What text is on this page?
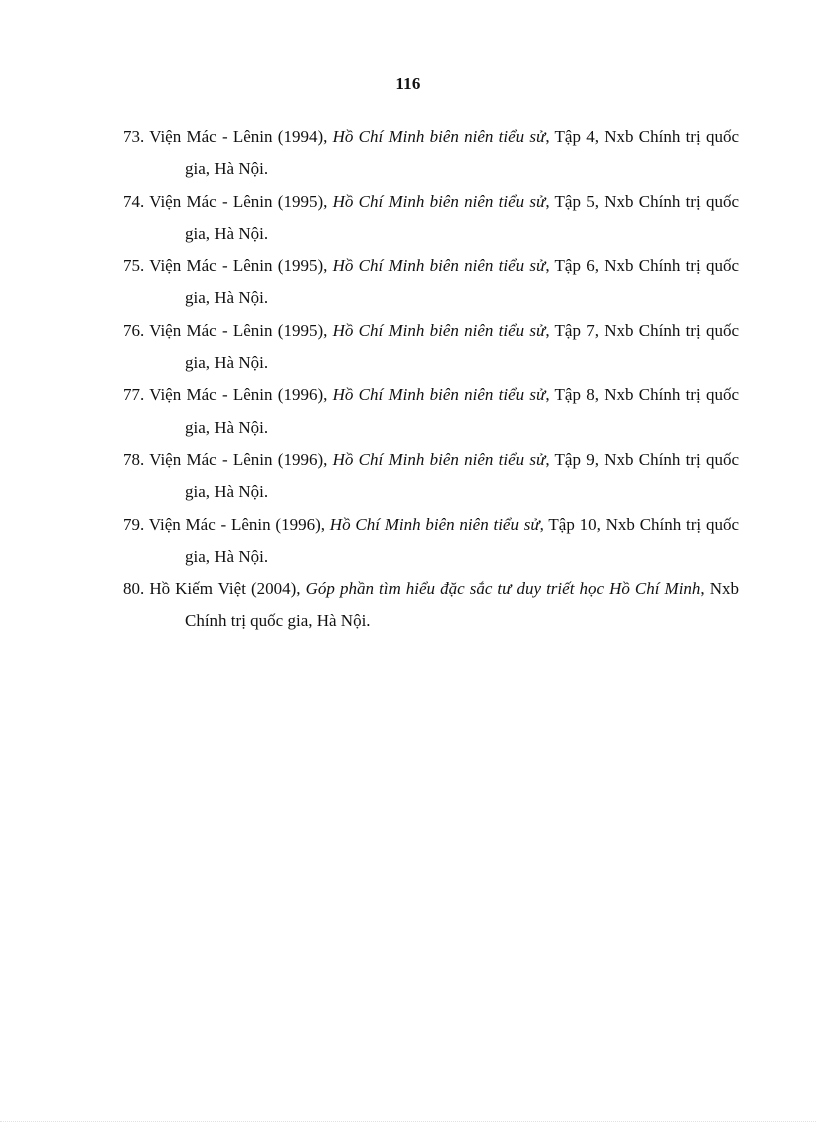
116
73. Viện Mác - Lênin (1994), Hồ Chí Minh biên niên tiểu sử, Tập 4, Nxb Chính trị quốc gia, Hà Nội.
74. Viện Mác - Lênin (1995), Hồ Chí Minh biên niên tiểu sử, Tập 5, Nxb Chính trị quốc gia, Hà Nội.
75. Viện Mác - Lênin (1995), Hồ Chí Minh biên niên tiểu sử, Tập 6, Nxb Chính trị quốc gia, Hà Nội.
76. Viện Mác - Lênin (1995), Hồ Chí Minh biên niên tiểu sử, Tập 7, Nxb Chính trị quốc gia, Hà Nội.
77. Viện Mác - Lênin (1996), Hồ Chí Minh biên niên tiểu sử, Tập 8, Nxb Chính trị quốc gia, Hà Nội.
78. Viện Mác - Lênin (1996), Hồ Chí Minh biên niên tiểu sử, Tập 9, Nxb Chính trị quốc gia, Hà Nội.
79. Viện Mác - Lênin (1996), Hồ Chí Minh biên niên tiểu sử, Tập 10, Nxb Chính trị quốc gia, Hà Nội.
80. Hồ Kiếm Việt (2004), Góp phần tìm hiểu đặc sắc tư duy triết học Hồ Chí Minh, Nxb Chính trị quốc gia, Hà Nội.
